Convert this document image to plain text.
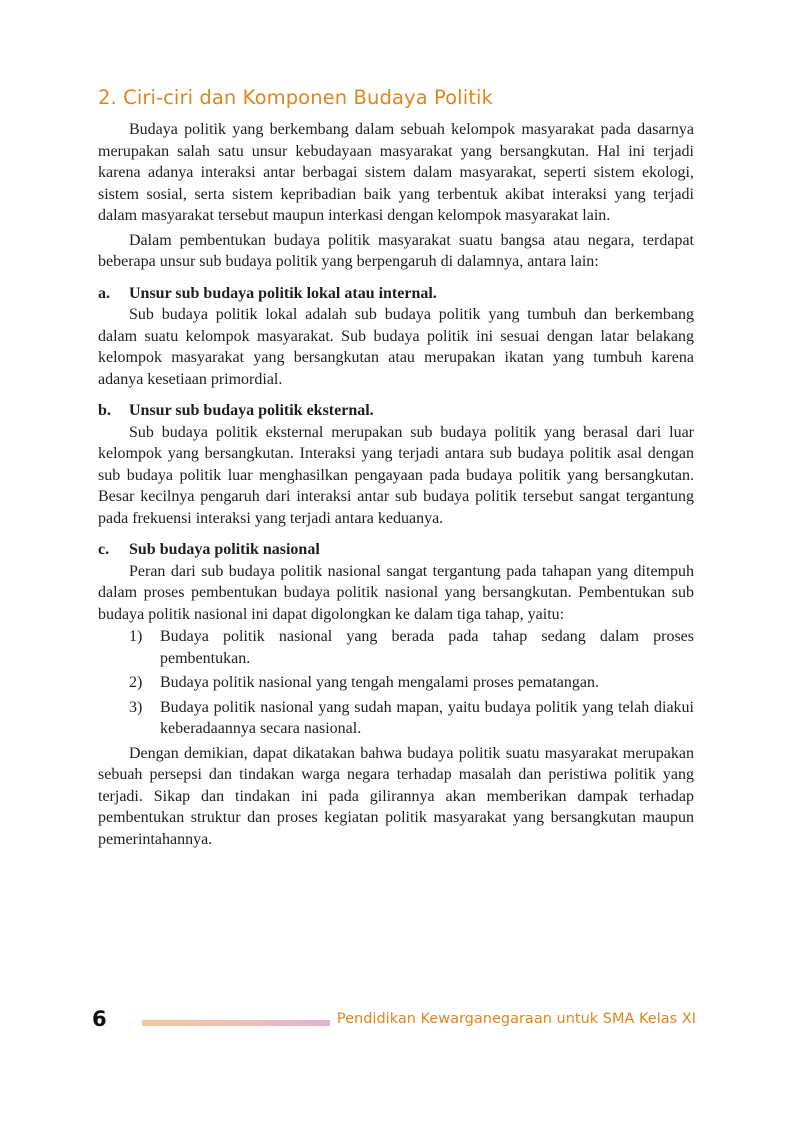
2. Ciri-ciri dan Komponen Budaya Politik

Budaya politik yang berkembang dalam sebuah kelompok masyarakat pada dasarnya merupakan salah satu unsur kebudayaan masyarakat yang bersangkutan. Hal ini terjadi karena adanya interaksi antar berbagai sistem dalam masyarakat, seperti sistem ekologi, sistem sosial, serta sistem kepribadian baik yang terbentuk akibat interaksi yang terjadi dalam masyarakat tersebut maupun interkasi dengan kelompok masyarakat lain.

Dalam pembentukan budaya politik masyarakat suatu bangsa atau negara, terdapat beberapa unsur sub budaya politik yang berpengaruh di dalamnya, antara lain:

a.	Unsur sub budaya politik lokal atau internal.

Sub budaya politik lokal adalah sub budaya politik yang tumbuh dan berkembang dalam suatu kelompok masyarakat. Sub budaya politik ini sesuai dengan latar belakang kelompok masyarakat yang bersangkutan atau merupakan ikatan yang tumbuh karena adanya kesetiaan primordial.

b.	Unsur sub budaya politik eksternal.

Sub budaya politik eksternal merupakan sub budaya politik yang berasal dari luar kelompok yang bersangkutan. Interaksi yang terjadi antara sub budaya politik asal dengan sub budaya politik luar menghasilkan pengayaan pada budaya politik yang bersangkutan. Besar kecilnya pengaruh dari interaksi antar sub budaya politik tersebut sangat tergantung pada frekuensi interaksi yang terjadi antara keduanya.

c.	Sub budaya politik nasional

Peran dari sub budaya politik nasional sangat tergantung pada tahapan yang ditempuh dalam proses pembentukan budaya politik nasional yang bersangkutan. Pembentukan sub budaya politik nasional ini dapat digolongkan ke dalam tiga tahap, yaitu:

1)	Budaya politik nasional yang berada pada tahap sedang dalam proses pembentukan.
2)	Budaya politik nasional yang tengah mengalami proses pematangan.
3)	Budaya politik nasional yang sudah mapan, yaitu budaya politik yang telah diakui keberadaannya secara nasional.

Dengan demikian, dapat dikatakan bahwa budaya politik suatu masyarakat merupakan sebuah persepsi dan tindakan warga negara terhadap masalah dan peristiwa politik yang terjadi. Sikap dan tindakan ini pada gilirannya akan memberikan dampak terhadap pembentukan struktur dan proses kegiatan politik masyarakat yang bersangkutan maupun pemerintahannya.

6	Pendidikan Kewarganegaraan untuk SMA Kelas XI
